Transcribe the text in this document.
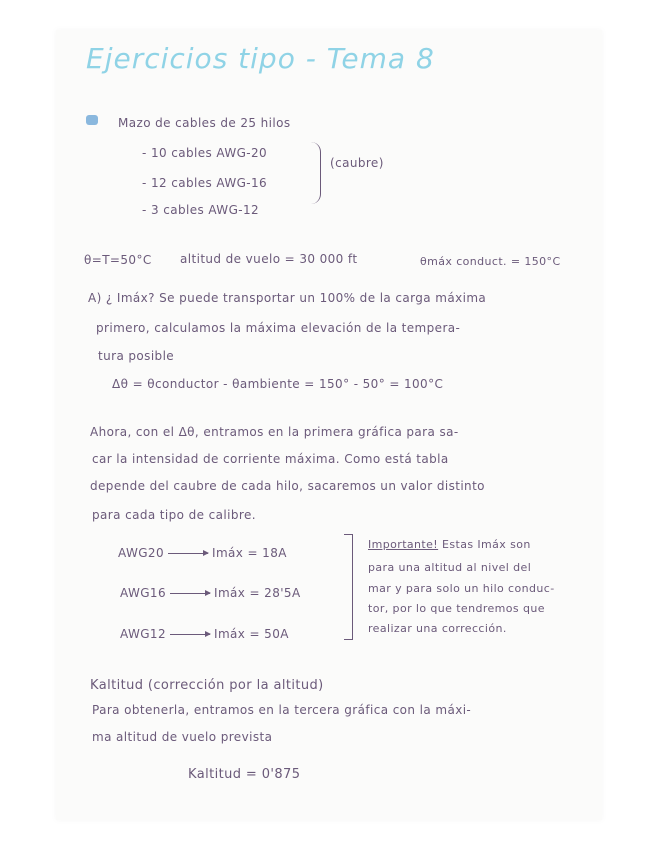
Ejercicios tipo - Tema 8
Mazo de cables de 25 hilos
- 10 cables AWG-20
- 12 cables AWG-16
- 3 cables AWG-12
(caubre)
θ=T=50°C altitud de vuelo = 30 000 ft	θmáx conduct. = 150°C
A) ¿ Imáx? Se puede transportar un 100% de la carga máxima
primero, calculamos la máxima elevación de la tempera-
tura posible
Δθ = θconductor - θambiente = 150° - 50° = 100°C
Ahora, con el Δθ, entramos en la primera gráfica para sa-
car la intensidad de corriente máxima. Como está tabla
depende del caubre de cada hilo, sacaremos un valor distinto
para cada tipo de calibre.
AWG20	Imáx = 18A
AWG16	Imáx = 28'5A
AWG12	Imáx = 50A
Importante! Estas Imáx son
para una altitud al nivel del
mar y para solo un hilo conduc-
tor, por lo que tendremos que
realizar una corrección.
Kaltitud (corrección por la altitud)
Para obtenerla, entramos en la tercera gráfica con la máxi-
ma altitud de vuelo prevista
Kaltitud = 0'875
